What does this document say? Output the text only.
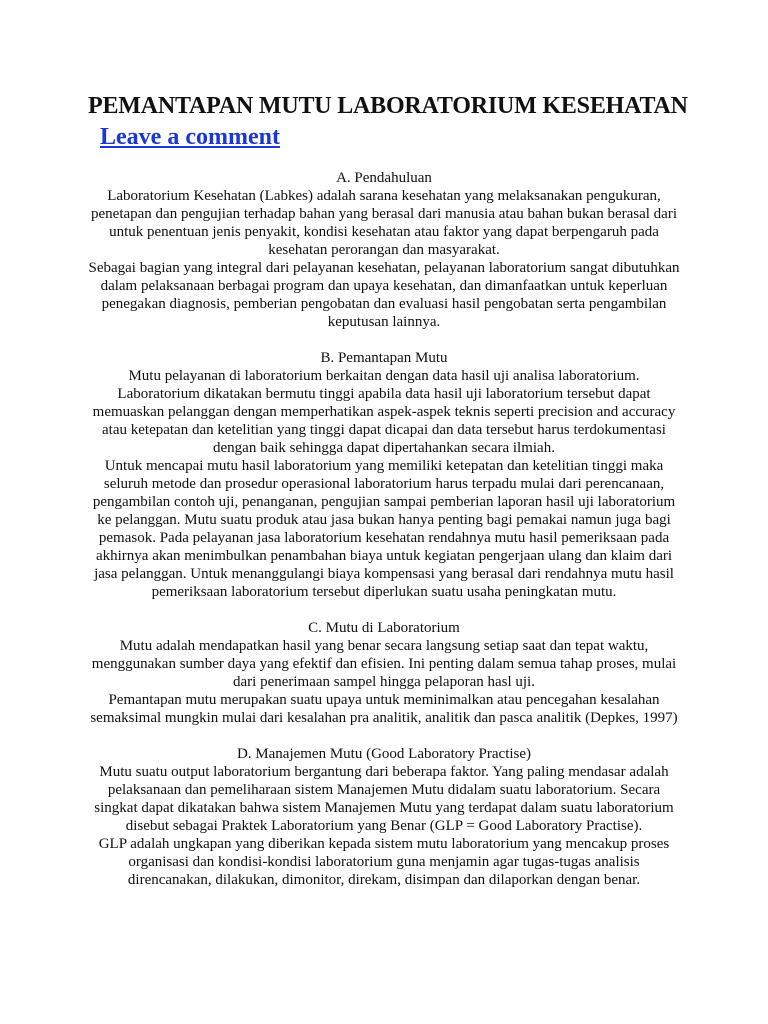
PEMANTAPAN MUTU LABORATORIUM KESEHATAN
Leave a comment
A. Pendahuluan

Laboratorium Kesehatan (Labkes) adalah sarana kesehatan yang melaksanakan pengukuran, penetapan dan pengujian terhadap bahan yang berasal dari manusia atau bahan bukan berasal dari untuk penentuan jenis penyakit, kondisi kesehatan atau faktor yang dapat berpengaruh pada kesehatan perorangan dan masyarakat.

Sebagai bagian yang integral dari pelayanan kesehatan, pelayanan laboratorium sangat dibutuhkan dalam pelaksanaan berbagai program dan upaya kesehatan, dan dimanfaatkan untuk keperluan penegakan diagnosis, pemberian pengobatan dan evaluasi hasil pengobatan serta pengambilan keputusan lainnya.

B. Pemantapan Mutu

Mutu pelayanan di laboratorium berkaitan dengan data hasil uji analisa laboratorium. Laboratorium dikatakan bermutu tinggi apabila data hasil uji laboratorium tersebut dapat memuaskan pelanggan dengan memperhatikan aspek-aspek teknis seperti precision and accuracy atau ketepatan dan ketelitian yang tinggi dapat dicapai dan data tersebut harus terdokumentasi dengan baik sehingga dapat dipertahankan secara ilmiah.

Untuk mencapai mutu hasil laboratorium yang memiliki ketepatan dan ketelitian tinggi maka seluruh metode dan prosedur operasional laboratorium harus terpadu mulai dari perencanaan, pengambilan contoh uji, penanganan, pengujian sampai pemberian laporan hasil uji laboratorium ke pelanggan. Mutu suatu produk atau jasa bukan hanya penting bagi pemakai namun juga bagi pemasok. Pada pelayanan jasa laboratorium kesehatan rendahnya mutu hasil pemeriksaan pada akhirnya akan menimbulkan penambahan biaya untuk kegiatan pengerjaan ulang dan klaim dari jasa pelanggan. Untuk menanggulangi biaya kompensasi yang berasal dari rendahnya mutu hasil pemeriksaan laboratorium tersebut diperlukan suatu usaha peningkatan mutu.

C. Mutu di Laboratorium

Mutu adalah mendapatkan hasil yang benar secara langsung setiap saat dan tepat waktu, menggunakan sumber daya yang efektif dan efisien. Ini penting dalam semua tahap proses, mulai dari penerimaan sampel hingga pelaporan hasl uji.

Pemantapan mutu merupakan suatu upaya untuk meminimalkan atau pencegahan kesalahan semaksimal mungkin mulai dari kesalahan pra analitik, analitik dan pasca analitik (Depkes, 1997)

D. Manajemen Mutu (Good Laboratory Practise)

Mutu suatu output laboratorium bergantung dari beberapa faktor. Yang paling mendasar adalah pelaksanaan dan pemeliharaan sistem Manajemen Mutu didalam suatu laboratorium. Secara singkat dapat dikatakan bahwa sistem Manajemen Mutu yang terdapat dalam suatu laboratorium disebut sebagai Praktek Laboratorium yang Benar (GLP = Good Laboratory Practise).

GLP adalah ungkapan yang diberikan kepada sistem mutu laboratorium yang mencakup proses organisasi dan kondisi-kondisi laboratorium guna menjamin agar tugas-tugas analisis direncanakan, dilakukan, dimonitor, direkam, disimpan dan dilaporkan dengan benar.
